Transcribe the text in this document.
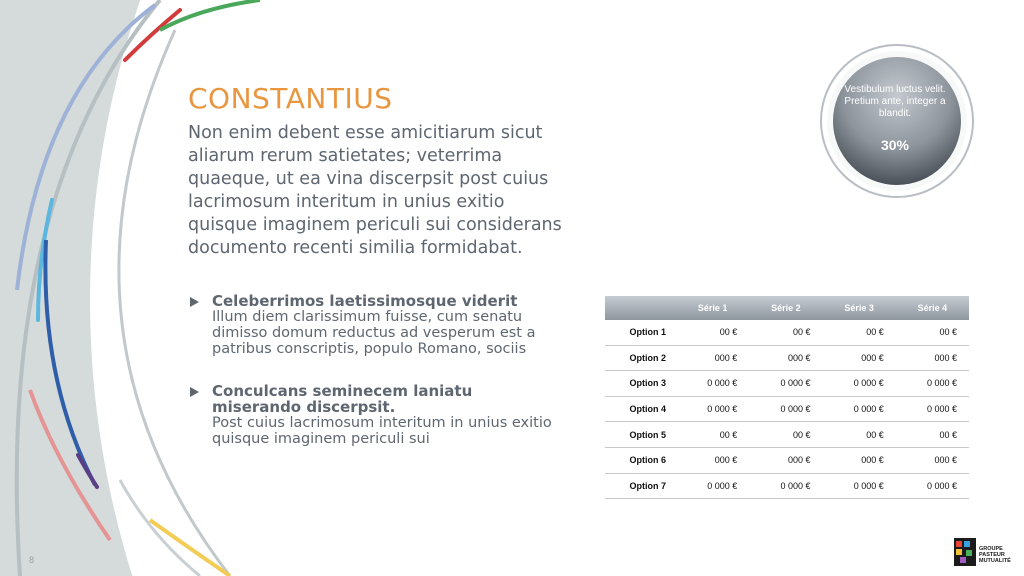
CONSTANTIUS
Non enim debent esse amicitiarum sicut aliarum rerum satietates; veterrima quaeque, ut ea vina discerpsit post cuius lacrimosum interitum in unius exitio quisque imaginem periculi sui considerans documento recenti similia formidabat.
Celeberrimos laetissimosque viderit
Illum diem clarissimum fuisse, cum senatu dimisso domum reductus ad vesperum est a patribus conscriptis, populo Romano, sociis
Conculcans seminecem laniatu miserando discerpsit.
Post cuius lacrimosum interitum in unius exitio quisque imaginem periculi sui
Vestibulum luctus velit. Pretium ante, integer a blandit.
30%
	Série 1	Série 2	Série 3	Série 4
Option 1	00 €	00 €	00 €	00 €
Option 2	000 €	000 €	000 €	000 €
Option 3	0 000 €	0 000 €	0 000 €	0 000 €
Option 4	0 000 €	0 000 €	0 000 €	0 000 €
Option 5	00 €	00 €	00 €	00 €
Option 6	000 €	000 €	000 €	000 €
Option 7	0 000 €	0 000 €	0 000 €	0 000 €
8
GROUPE
PASTEUR
MUTUALITÉ
